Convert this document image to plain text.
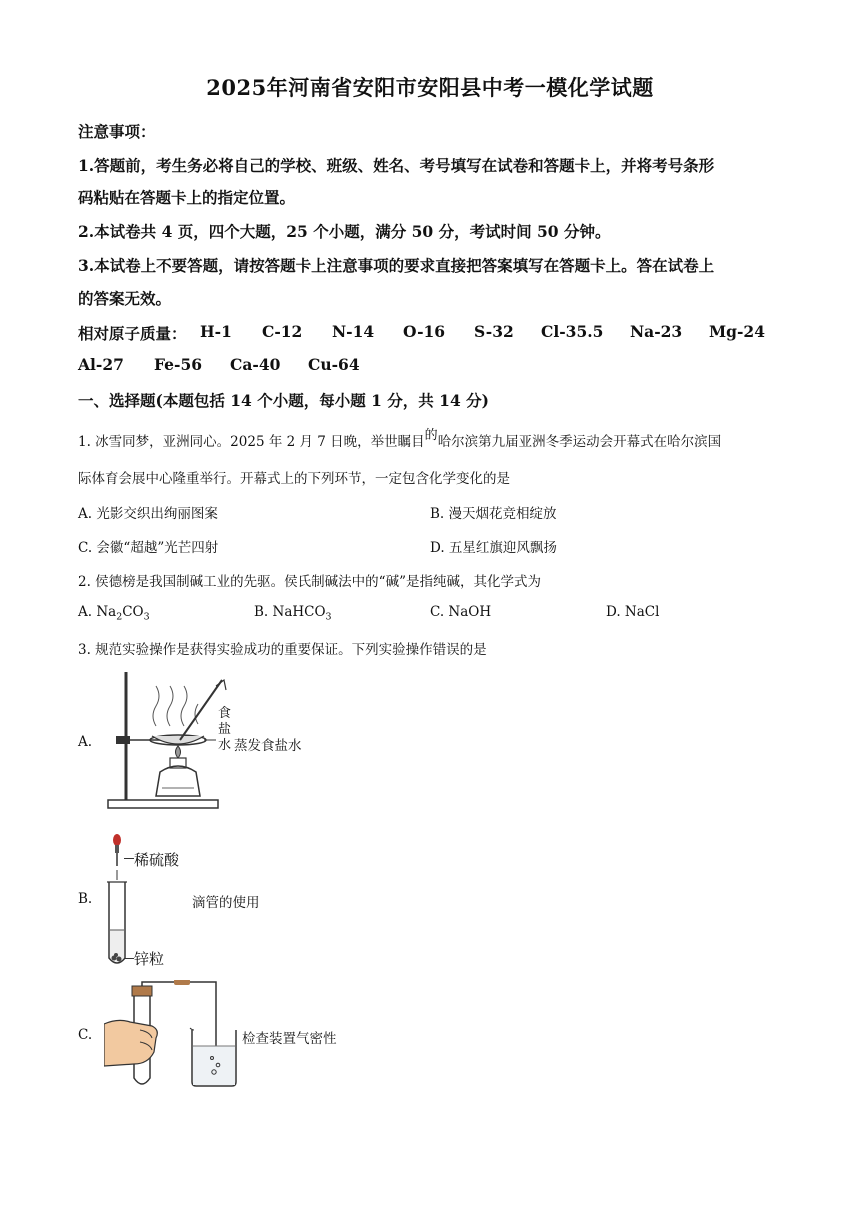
2025年河南省安阳市安阳县中考一模化学试题
注意事项：
1.答题前，考生务必将自己的学校、班级、姓名、考号填写在试卷和答题卡上，并将考号条形
码粘贴在答题卡上的指定位置。
2.本试卷共 4 页，四个大题，25 个小题，满分 50 分，考试时间 50 分钟。
3.本试卷上不要答题，请按答题卡上注意事项的要求直接把答案填写在答题卡上。答在试卷上
的答案无效。
相对原子质量： H-1 C-12 N-14 O-16 S-32 Cl-35.5 Na-23 Mg-24
Al-27 Fe-56 Ca-40 Cu-64
一、选择题(本题包括 14 个小题，每小题 1 分，共 14 分)
1. 冰雪同梦，亚洲同心。2025 年 2 月 7 日晚，举世瞩目的哈尔滨第九届亚洲冬季运动会开幕式在哈尔滨国
际体育会展中心隆重举行。开幕式上的下列环节，一定包含化学变化的是
A. 光影交织出绚丽图案	B. 漫天烟花竞相绽放
C. 会徽“超越”光芒四射	D. 五星红旗迎风飘扬
2. 侯德榜是我国制碱工业的先驱。侯氏制碱法中的“碱”是指纯碱，其化学式为
A. $Na_2CO_3$	B. NaHCO$_3$	C. NaOH	D. NaCl
3. 规范实验操作是获得实验成功的重要保证。下列实验操作错误的是
A.
食
盐
水 蒸发食盐水
B.
稀硫酸
锌粒
滴管的使用
C.	检查装置气密性
